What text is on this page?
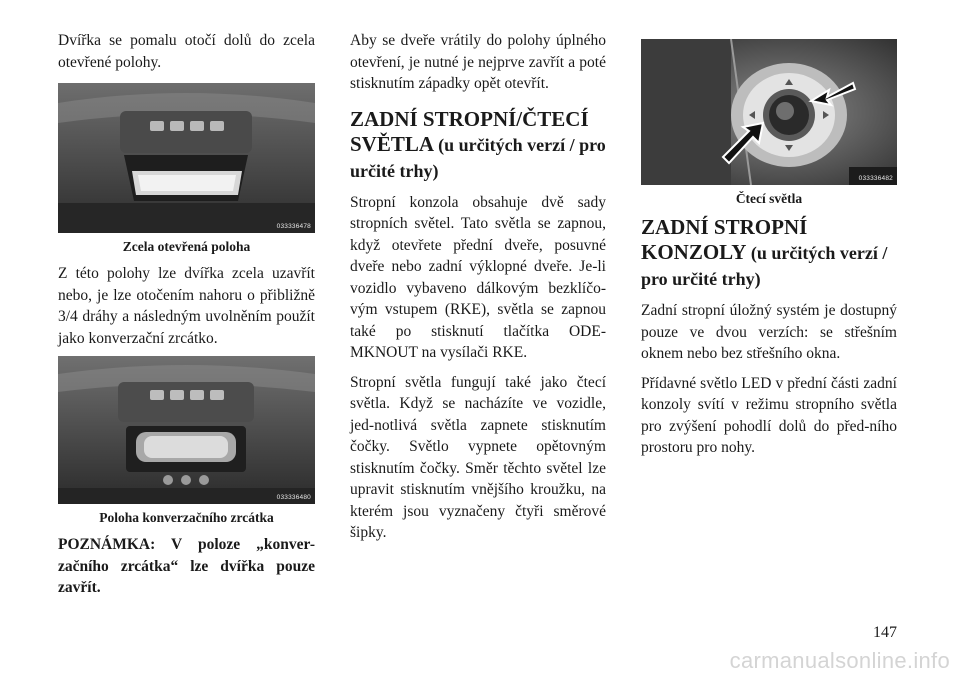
Dvířka se pomalu otočí dolů do zcela otevřené polohy.

033336478
Zcela otevřená poloha

Z této polohy lze dvířka zcela uzavřít nebo, je lze otočením nahoru o přibližně 3/4 dráhy a následným uvolněním použít jako konverzační zrcátko.

033336480
Poloha konverzačního zrcátka

POZNÁMKA: V poloze „konver-začního zrcátka“ lze dvířka pouze zavřít.

Aby se dveře vrátily do polohy úplného otevření, je nutné je nejprve zavřít a poté stisknutím západky opět otevřít.

ZADNÍ STROPNÍ/ČTECÍ SVĚTLA (u určitých verzí / pro určité trhy)

Stropní konzola obsahuje dvě sady stropních světel. Tato světla se zapnou, když otevřete přední dveře, posuvné dveře nebo zadní výklopné dveře. Je-li vozidlo vybaveno dálkovým bezklíčo-vým vstupem (RKE), světla se zapnou také po stisknutí tlačítka ODE-MKNOUT na vysílači RKE.

Stropní světla fungují také jako čtecí světla. Když se nacházíte ve vozidle, jed-notlivá světla zapnete stisknutím čočky. Světlo vypnete opětovným stisknutím čočky. Směr těchto světel lze upravit stisknutím vnějšího kroužku, na kterém jsou vyznačeny čtyři směrové šipky.

033336482
Čtecí světla
ZADNÍ STROPNÍ KONZOLY (u určitých verzí / pro určité trhy)

Zadní stropní úložný systém je dostupný pouze ve dvou verzích: se střešním oknem nebo bez střešního okna.

Přídavné světlo LED v přední části zadní konzoly svítí v režimu stropního světla pro zvýšení pohodlí dolů do před-ního prostoru pro nohy.

147
carmanualsonline.info
